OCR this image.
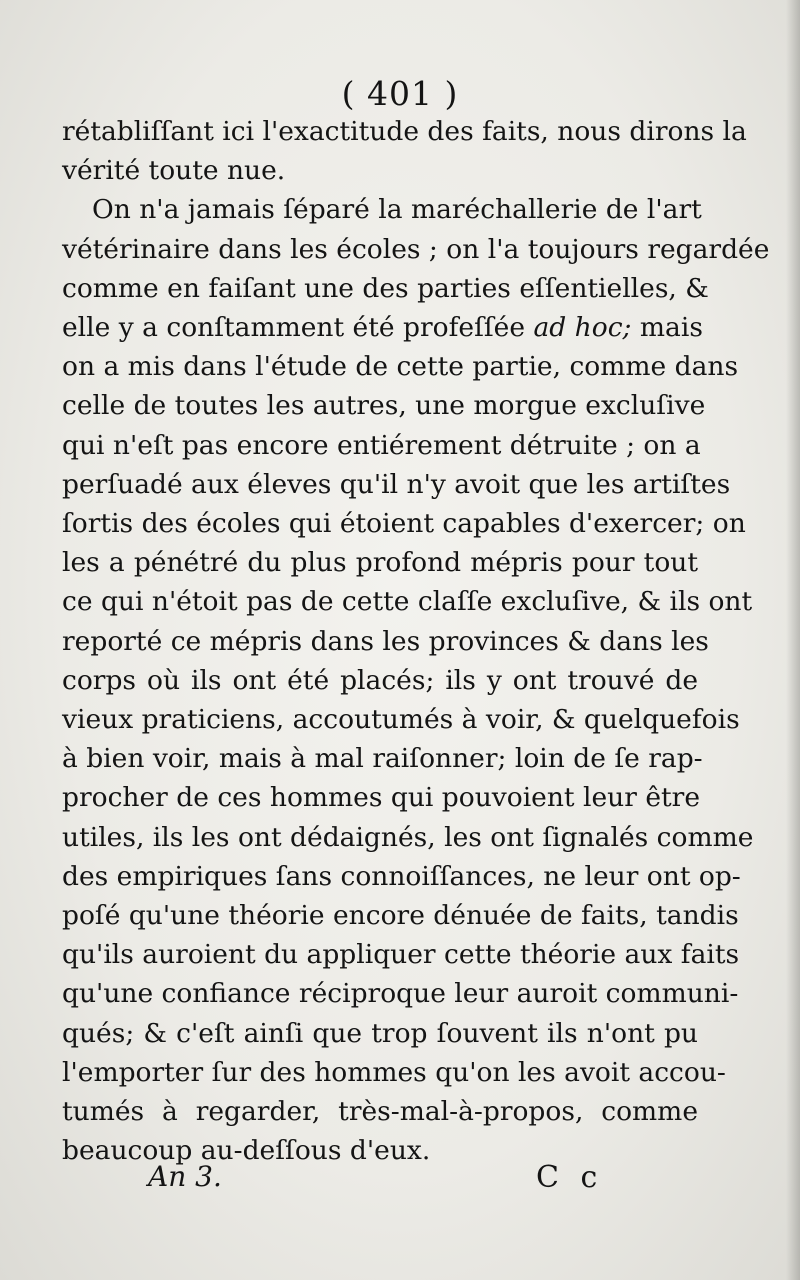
( 401 )
rétabliſſant ici l'exactitude des faits, nous dirons la
vérité toute nue.
On n'a jamais ſéparé la maréchallerie de l'art
vétérinaire dans les écoles ; on l'a toujours regardée
comme en faiſant une des parties eſſentielles, &
elle y a conſtamment été profeſſée ad hoc; mais
on a mis dans l'étude de cette partie, comme dans
celle de toutes les autres, une morgue excluſive
qui n'eſt pas encore entiérement détruite ; on a
perſuadé aux éleves qu'il n'y avoit que les artiſtes
ſortis des écoles qui étoient capables d'exercer; on
les a pénétré du plus profond mépris pour tout
ce qui n'étoit pas de cette claſſe excluſive, & ils ont
reporté ce mépris dans les provinces & dans les
corps où ils ont été placés; ils y ont trouvé de
vieux praticiens, accoutumés à voir, & quelquefois
à bien voir, mais à mal raiſonner; loin de ſe rap-
procher de ces hommes qui pouvoient leur être
utiles, ils les ont dédaignés, les ont ſignalés comme
des empiriques ſans connoiſſances, ne leur ont op-
poſé qu'une théorie encore dénuée de faits, tandis
qu'ils auroient du appliquer cette théorie aux faits
qu'une confiance réciproque leur auroit communi-
qués; & c'eſt ainſi que trop ſouvent ils n'ont pu
l'emporter ſur des hommes qu'on les avoit accou-
tumés à regarder, très-mal-à-propos, comme
beaucoup au-deſſous d'eux.
An 3.	C c
